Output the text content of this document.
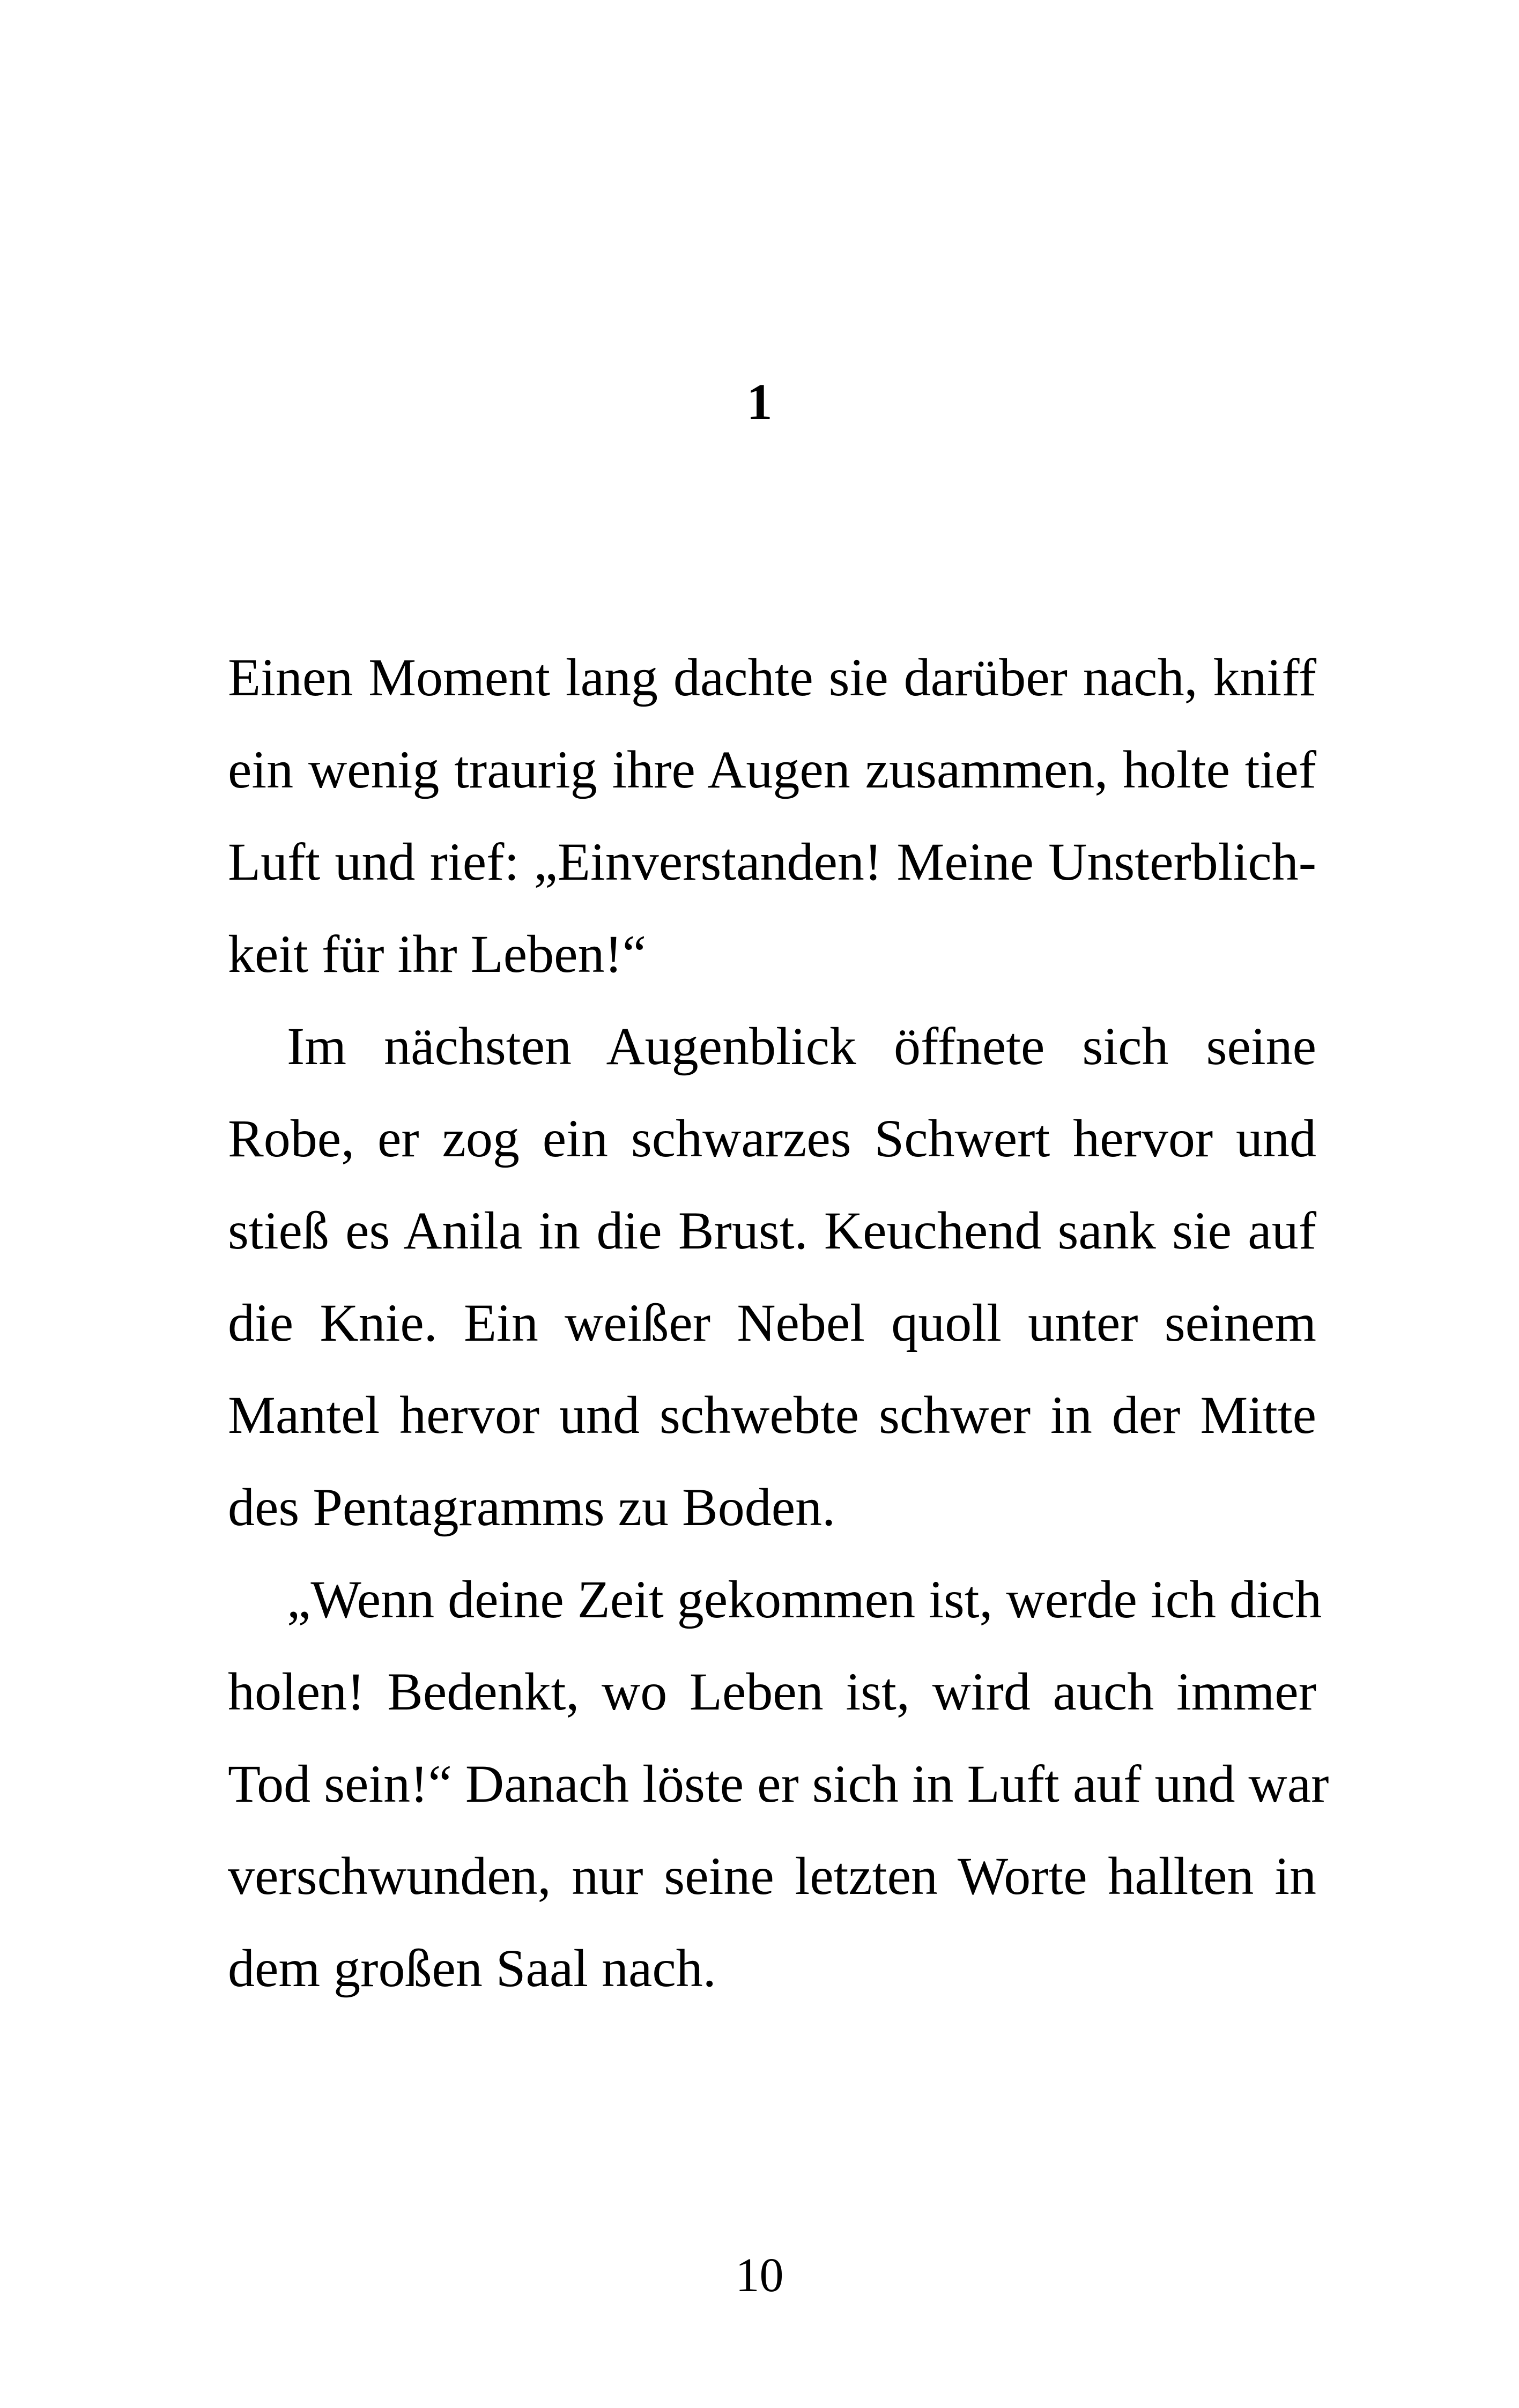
1
Einen Moment lang dachte sie darüber nach, kniff
ein wenig traurig ihre Augen zusammen, holte tief
Luft und rief: „Einverstanden! Meine Unsterblich-
keit für ihr Leben!“
Im nächsten Augenblick öffnete sich seine
Robe, er zog ein schwarzes Schwert hervor und
stieß es Anila in die Brust. Keuchend sank sie auf
die Knie. Ein weißer Nebel quoll unter seinem
Mantel hervor und schwebte schwer in der Mitte
des Pentagramms zu Boden.
„Wenn deine Zeit gekommen ist, werde ich dich
holen! Bedenkt, wo Leben ist, wird auch immer
Tod sein!“ Danach löste er sich in Luft auf und war
verschwunden, nur seine letzten Worte hallten in
dem großen Saal nach.
10
